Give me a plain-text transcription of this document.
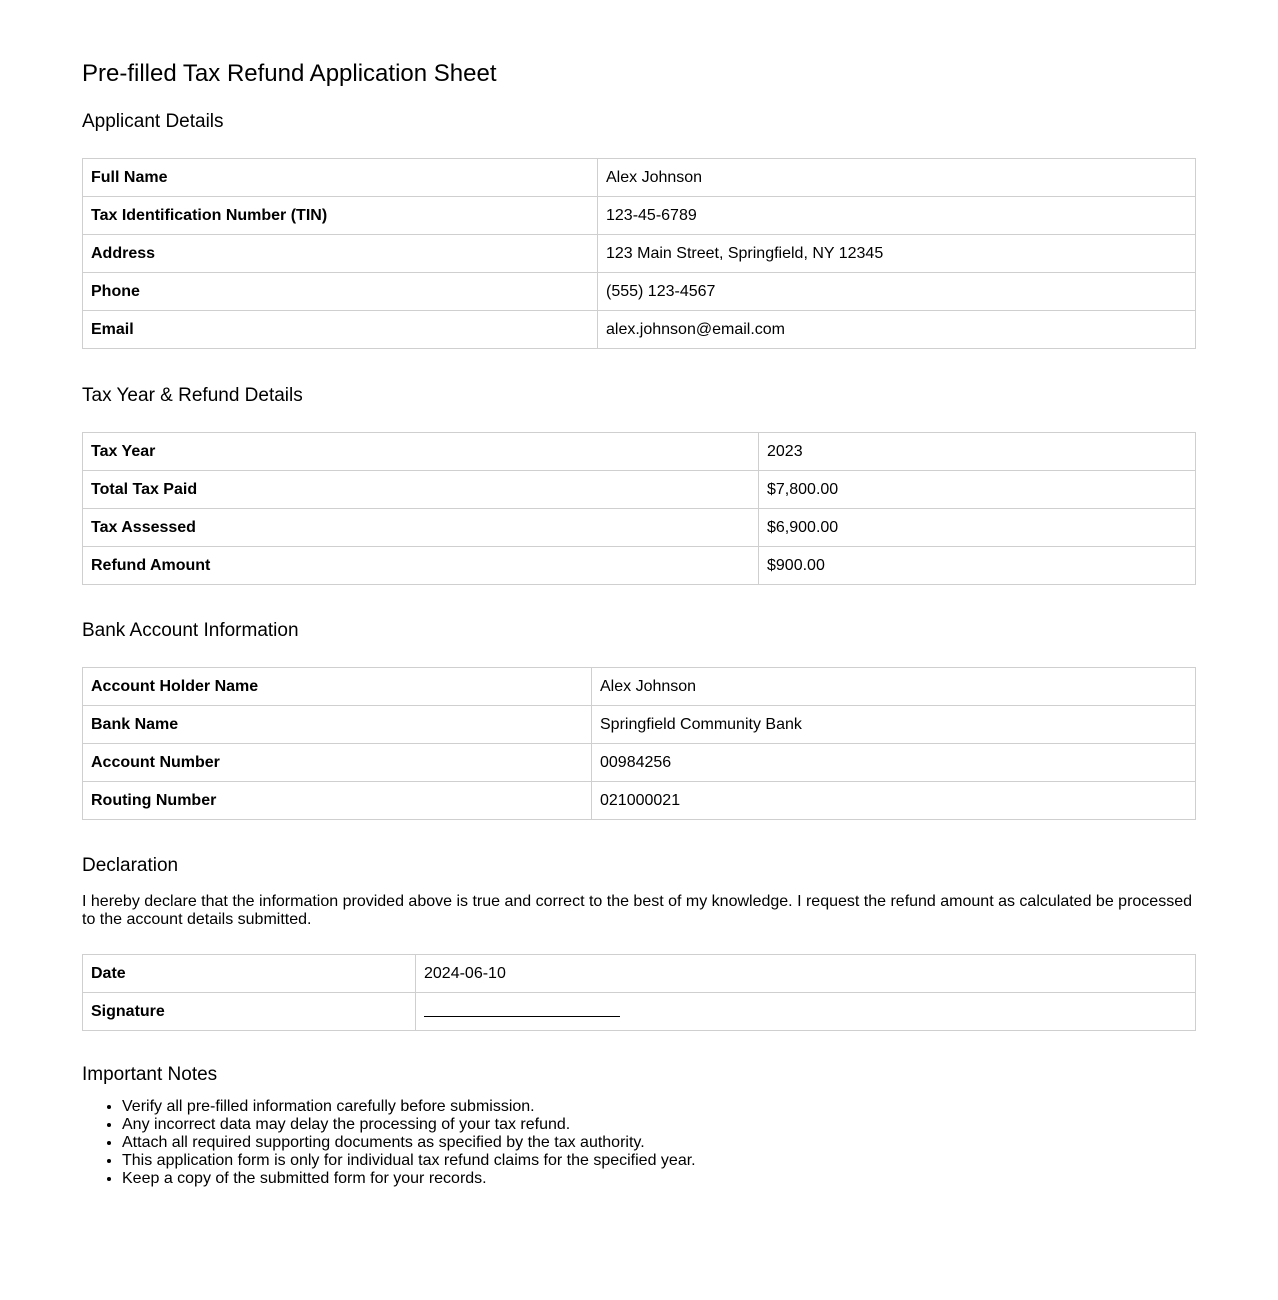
Pre-filled Tax Refund Application Sheet
Applicant Details
Full Name	Alex Johnson
Tax Identification Number (TIN)	123-45-6789
Address	123 Main Street, Springfield, NY 12345
Phone	(555) 123-4567
Email	alex.johnson@email.com
Tax Year & Refund Details
Tax Year	2023
Total Tax Paid	$7,800.00
Tax Assessed	$6,900.00
Refund Amount	$900.00
Bank Account Information
Account Holder Name	Alex Johnson
Bank Name	Springfield Community Bank
Account Number	00984256
Routing Number	021000021
Declaration

I hereby declare that the information provided above is true and correct to the best of my knowledge. I request the refund amount as calculated be processed to the account details submitted.

Date	2024-06-10
Signature	
Important Notes
• Verify all pre-filled information carefully before submission.
• Any incorrect data may delay the processing of your tax refund.
• Attach all required supporting documents as specified by the tax authority.
• This application form is only for individual tax refund claims for the specified year.
• Keep a copy of the submitted form for your records.
